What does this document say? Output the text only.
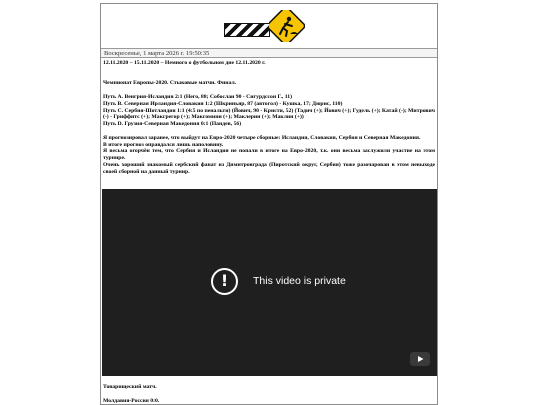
Воскресенье, 1 марта 2026 г. 19:50:35

12.11.2020 – 15.11.2020 – Немного о футбольном дне 12.11.2020 г.

Чемпионат Европы-2020. Стыковые матчи. Финал.

Путь А. Венгрия-Исландия 2:1 (Него, 88; Собослаи 90 - Сигурдссон Г., 11)

Путь В. Северная Ирландия-Словакия 1:2 (Шкриньяр, 87 (автогол) - Кушка, 17; Дюрис, 110)

Путь С. Сербия-Шотландия 1:1 (4:5 по пенальти) (Йович, 90 - Кристи, 52) (Тадич (+); Йович (+); Гудель (+); Катай (-); Митрович (-) - Гриффитс (+); Макгрегор (+); Макгомини (+); Маклерин (+); Маклин (+))

Путь D. Грузия-Северная Македония 0:1 (Пандев, 56)

Я прогнозировал заранее, что выйдут на Евро-2020 четыре сборные: Исландия, Словакия, Сербия и Северная Македония.

В итоге прогноз оправдался лишь наполовину.

Я весьма огорчён тем, что Сербия и Исландия не попали в итоге на Евро-2020, т.к. они весьма заслужили участие на этом турнире.

Очень хороший знакомый сербский фанат из Димитровграда (Пиротский округ, Сербия) тоже разочарован в этом невыходе своей сборной на данный турнир.

!	This video is private

Товарищеский матч.

Молдавия-Россия 0:0.
